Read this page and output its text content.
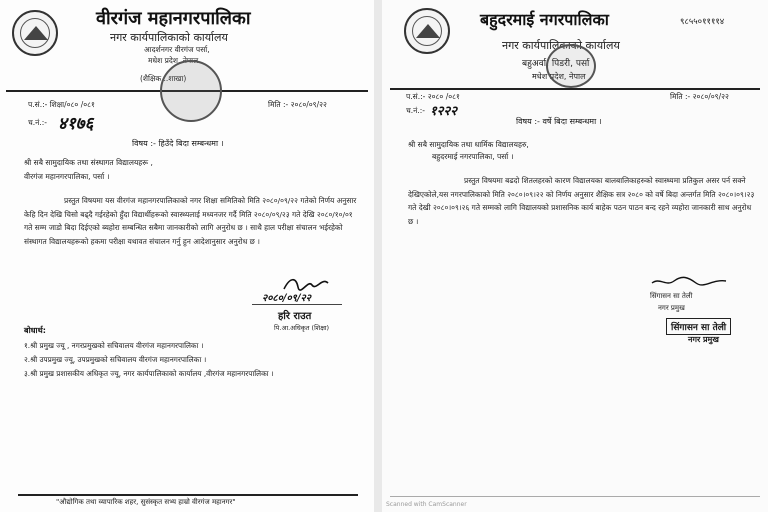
वीरगंज महानगरपालिका
नगर कार्यपालिकाको कार्यालय
आदर्शनगर वीरगंज पर्सा,
मधेश प्रदेश, नेपाल
(शैक्षिक...शाखा)
प.सं.:- शिक्षा/०८० /०८१
च.नं.:- ४१७६
मिति :- २०८०/०९/२२
विषय :- हिउँदे बिदा सम्बन्धमा ।
श्री सबै सामुदायिक तथा संस्थागत विद्यालयहरू ,
वीरगंज महानगरपालिका, पर्सा ।
प्रस्तुत विषयमा यस वीरगंज महानगरपालिकाको नगर शिक्षा समितिको मिति २०८०/०९/२२ गतेको निर्णय अनुसार केहि दिन देखि चिसो बढ्दै गईरहेको हुँदा विद्यार्थीहरूको स्वास्थ्यलाई मध्यनजर गर्दै मिति २०८०/०९/२३ गते देखि २०८०/१०/०१ गते सम्म जाडो बिदा दिईएको ब्यहोरा सम्बन्धित सबैमा जानकारीको लागि अनुरोध छ । साथै हाल परीक्षा संचालन भईरहेको संस्थागत विद्यालयहरूको हकमा परीक्षा यथावत संचालन गर्नु हुन आदेशानुसार अनुरोध छ ।
२०८०/०९/२२
हरि राउत
पि.आ.अधिकृत (शिक्षा)
बोधार्थ:
१.श्री प्रमुख ज्यू , नगरप्रमुखको सचिवालय वीरगंज महानगरपालिका ।
२.श्री उपप्रमुख ज्यू, उपप्रमुखको सचिवालय वीरगंज महानगरपालिका ।
३.श्री प्रमुख प्रशासकीय अधिकृत ज्यू, नगर कार्यपालिकाको कार्यालय ,वीरगंज महानगरपालिका ।
"औद्योगिक तथा व्यापारिक शहर, सुसंस्कृत सभ्य हाम्रो वीरगंज महानगर"
बहुदरमाई नगरपालिका	९८५५०११११४
नगर कार्यपालिकाको कार्यालय
बहुअर्वा, पिडरी, पर्सा
मधेश प्रदेश, नेपाल
प.सं.:- २०८० /०८१
च.नं.:- १२२२
मिति :- २०८०/०९/२२
विषय :- वर्षे बिदा सम्बन्धमा ।
श्री सबै सामुदायिक तथा धार्मिक विद्यालयहरु,
बहुदरमाई नगरपालिका, पर्सा ।
प्रस्तुत विषयमा बढदो शितलहरको कारण विद्यालयका बालबालिकाहरुको स्वास्थ्यमा प्रतिकुल असर पर्न सक्ने देखिएकोले,यस नगरपालिकाको मिति २०८०।०९।२२ को निर्णय अनुसार शैक्षिक सत्र २०८० को वर्षे बिदा अन्तर्गत मिति २०८०।०९।२३ गते देखी २०८०।०९।२६ गते सम्मको लागि विद्यालयको प्रशासनिक कार्य बाहेक पठन पाठन बन्द रहने व्यहोरा जानकारी साथ अनुरोध छ ।
सिंगासन सा तेली
नगर प्रमुख
सिंगासन सा तेली
नगर प्रमुख
Scanned with CamScanner
